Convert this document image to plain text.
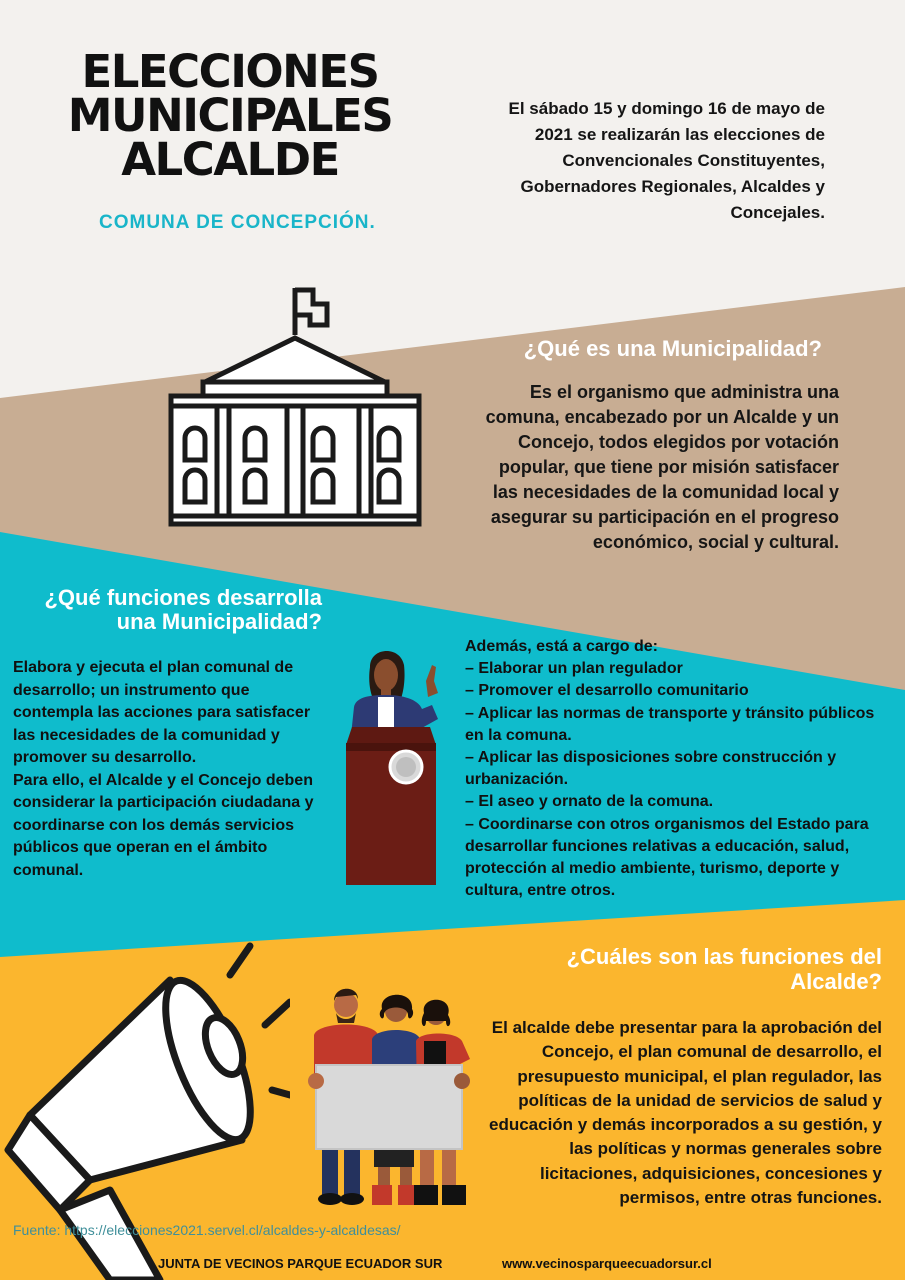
ELECCIONES
MUNICIPALES
ALCALDE
COMUNA DE CONCEPCIÓN.

El sábado 15 y domingo 16 de mayo de 2021 se realizarán las elecciones de Convencionales Constituyentes, Gobernadores Regionales, Alcaldes y Concejales.

¿Qué es una Municipalidad?

Es el organismo que administra una comuna, encabezado por un Alcalde y un Concejo, todos elegidos por votación popular, que tiene por misión satisfacer las necesidades de la comunidad local y asegurar su participación en el progreso económico, social y cultural.

¿Qué funciones desarrolla
una Municipalidad?
Elabora y ejecuta el plan comunal de desarrollo; un instrumento que contempla las acciones para satisfacer las necesidades de la comunidad y promover su desarrollo.
Para ello, el Alcalde y el Concejo deben considerar la participación ciudadana y coordinarse con los demás servicios públicos que operan en el ámbito comunal.
Además, está a cargo de:
– Elaborar un plan regulador
– Promover el desarrollo comunitario
– Aplicar las normas de transporte y tránsito públicos en la comuna.
– Aplicar las disposiciones sobre construcción y urbanización.
– El aseo y ornato de la comuna.
– Coordinarse con otros organismos del Estado para desarrollar funciones relativas a educación, salud, protección al medio ambiente, turismo, deporte y cultura, entre otros.
¿Cuáles son las funciones del
Alcalde?

El alcalde debe presentar para la aprobación del Concejo, el plan comunal de desarrollo, el presupuesto municipal, el plan regulador, las políticas de la unidad de servicios de salud y educación y demás incorporados a su gestión, y las políticas y normas generales sobre licitaciones, adquisiciones, concesiones y permisos, entre otras funciones.

Fuente: https://elecciones2021.servel.cl/alcaldes-y-alcaldesas/
JUNTA DE VECINOS PARQUE ECUADOR SUR	www.vecinosparqueecuadorsur.cl
